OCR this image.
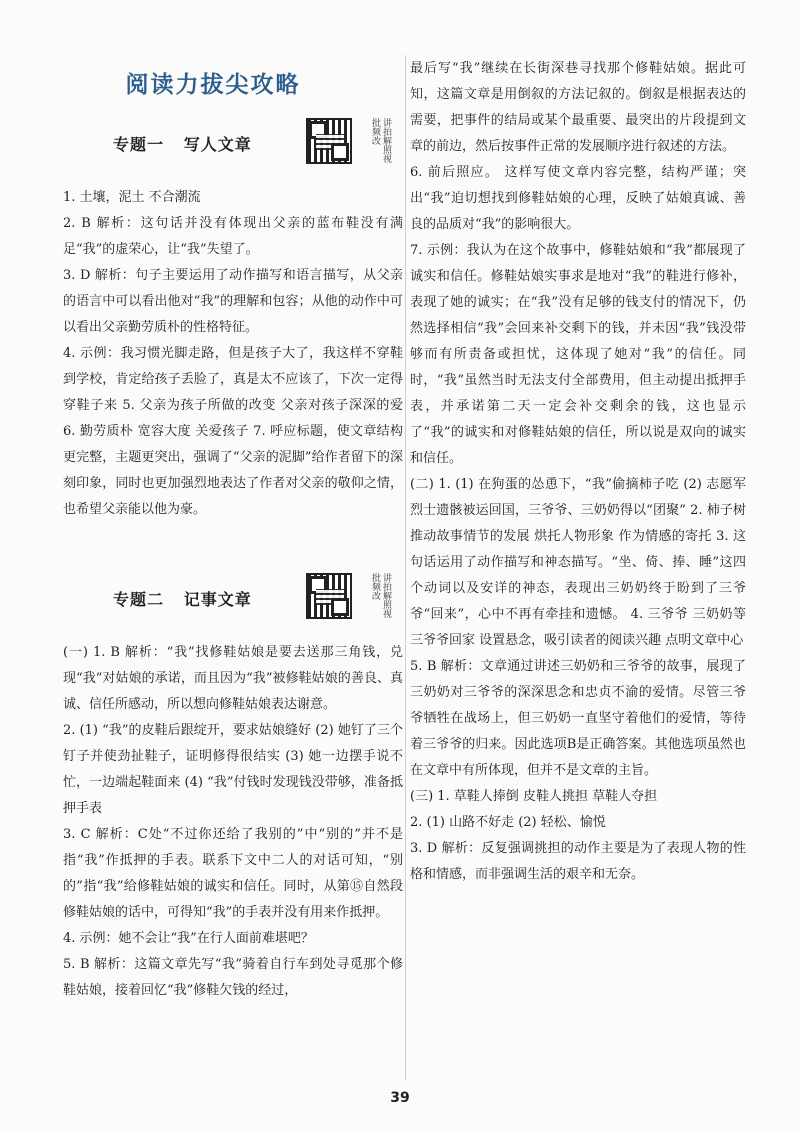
阅读力拔尖攻略
专题一   写人文章	讲拍解照视批频改

1. 土壤，泥土 不合潮流

2. B 解析：这句话并没有体现出父亲的蓝布鞋没有满足“我”的虚荣心，让“我”失望了。

3. D 解析：句子主要运用了动作描写和语言描写，从父亲的语言中可以看出他对“我”的理解和包容；从他的动作中可以看出父亲勤劳质朴的性格特征。

4. 示例：我习惯光脚走路，但是孩子大了，我这样不穿鞋到学校，肯定给孩子丢脸了，真是太不应该了，下次一定得穿鞋子来 5. 父亲为孩子所做的改变 父亲对孩子深深的爱 6. 勤劳质朴 宽容大度 关爱孩子 7. 呼应标题，使文章结构更完整，主题更突出，强调了“父亲的泥脚”给作者留下的深刻印象，同时也更加强烈地表达了作者对父亲的敬仰之情，也希望父亲能以他为豪。

专题二   记事文章	讲拍解照视批频改

(一) 1. B 解析：“我”找修鞋姑娘是要去送那三角钱，兑现“我”对姑娘的承诺，而且因为“我”被修鞋姑娘的善良、真诚、信任所感动，所以想向修鞋姑娘表达谢意。

2. (1) “我”的皮鞋后跟绽开，要求姑娘缝好 (2) 她钉了三个钉子并使劲扯鞋子，证明修得很结实 (3) 她一边摆手说不忙，一边端起鞋面来 (4) “我”付钱时发现钱没带够，准备抵押手表

3. C 解析：C处“不过你还给了我别的”中“别的”并不是指“我”作抵押的手表。联系下文中二人的对话可知，“别的”指“我”给修鞋姑娘的诚实和信任。同时，从第⑮自然段修鞋姑娘的话中，可得知“我”的手表并没有用来作抵押。

4. 示例：她不会让“我”在行人面前难堪吧？

5. B 解析：这篇文章先写“我”骑着自行车到处寻觅那个修鞋姑娘，接着回忆“我”修鞋欠钱的经过，

最后写“我”继续在长街深巷寻找那个修鞋姑娘。据此可知，这篇文章是用倒叙的方法记叙的。倒叙是根据表达的需要，把事件的结局或某个最重要、最突出的片段提到文章的前边，然后按事件正常的发展顺序进行叙述的方法。

6. 前后照应。 这样写使文章内容完整，结构严谨；突出“我”迫切想找到修鞋姑娘的心理，反映了姑娘真诚、善良的品质对“我”的影响很大。

7. 示例：我认为在这个故事中，修鞋姑娘和“我”都展现了诚实和信任。修鞋姑娘实事求是地对“我”的鞋进行修补，表现了她的诚实；在“我”没有足够的钱支付的情况下，仍然选择相信“我”会回来补交剩下的钱，并未因“我”钱没带够而有所责备或担忧，这体现了她对“我”的信任。同时，“我”虽然当时无法支付全部费用，但主动提出抵押手表，并承诺第二天一定会补交剩余的钱，这也显示了“我”的诚实和对修鞋姑娘的信任，所以说是双向的诚实和信任。

(二) 1. (1) 在狗蛋的怂恿下，“我”偷摘柿子吃 (2) 志愿军烈士遗骸被运回国，三爷爷、三奶奶得以“团聚” 2. 柿子树 推动故事情节的发展 烘托人物形象 作为情感的寄托 3. 这句话运用了动作描写和神态描写。“坐、倚、捧、睡”这四个动词以及安详的神态，表现出三奶奶终于盼到了三爷爷“回来”，心中不再有牵挂和遗憾。 4. 三爷爷 三奶奶等三爷爷回家 设置悬念，吸引读者的阅读兴趣 点明文章中心

5. B 解析：文章通过讲述三奶奶和三爷爷的故事，展现了三奶奶对三爷爷的深深思念和忠贞不渝的爱情。尽管三爷爷牺牲在战场上，但三奶奶一直坚守着他们的爱情，等待着三爷爷的归来。因此选项B是正确答案。其他选项虽然也在文章中有所体现，但并不是文章的主旨。

(三) 1. 草鞋人捧倒 皮鞋人挑担 草鞋人夺担

2. (1) 山路不好走 (2) 轻松、愉悦

3. D 解析：反复强调挑担的动作主要是为了表现人物的性格和情感，而非强调生活的艰辛和无奈。

39
